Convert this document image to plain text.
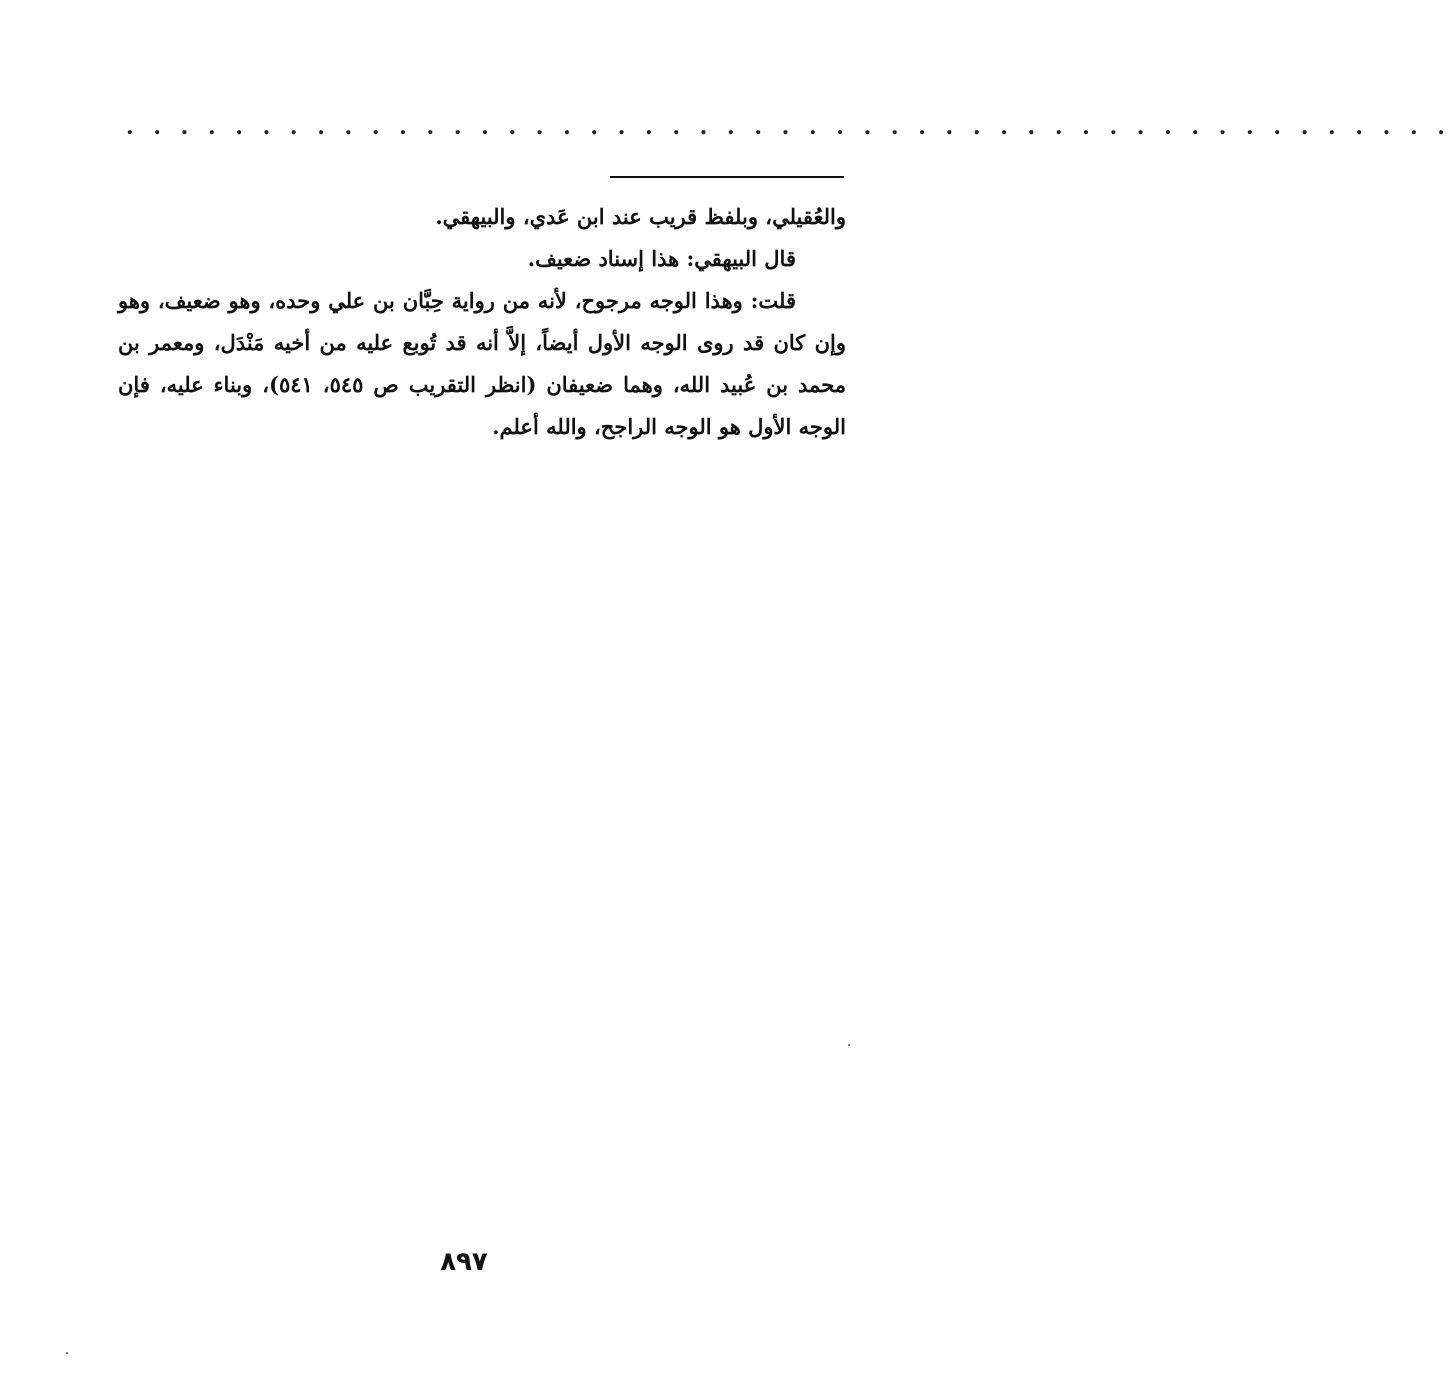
. . . . . . . . . . . . . . . . . . . . . . . . . . . . . . . . . . . . . . . . . . . . . . . . .

والعُقيلي، وبلفظ قريب عند ابن عَدي، والبيهقي.

قال البيهقي: هذا إسناد ضعيف.

قلت: وهذا الوجه مرجوح، لأنه من رواية حِبَّان بن علي وحده، وهو ضعيف، وهو وإن كان قد روى الوجه الأول أيضاً، إلاَّ أنه قد تُوبع عليه من أخيه مَنْدَل، ومعمر بن محمد بن عُبيد الله، وهما ضعيفان (انظر التقريب ص ٥٤٥، ٥٤١)، وبناء عليه، فإن الوجه الأول هو الوجه الراجح، والله أعلم.

٨٩٧
